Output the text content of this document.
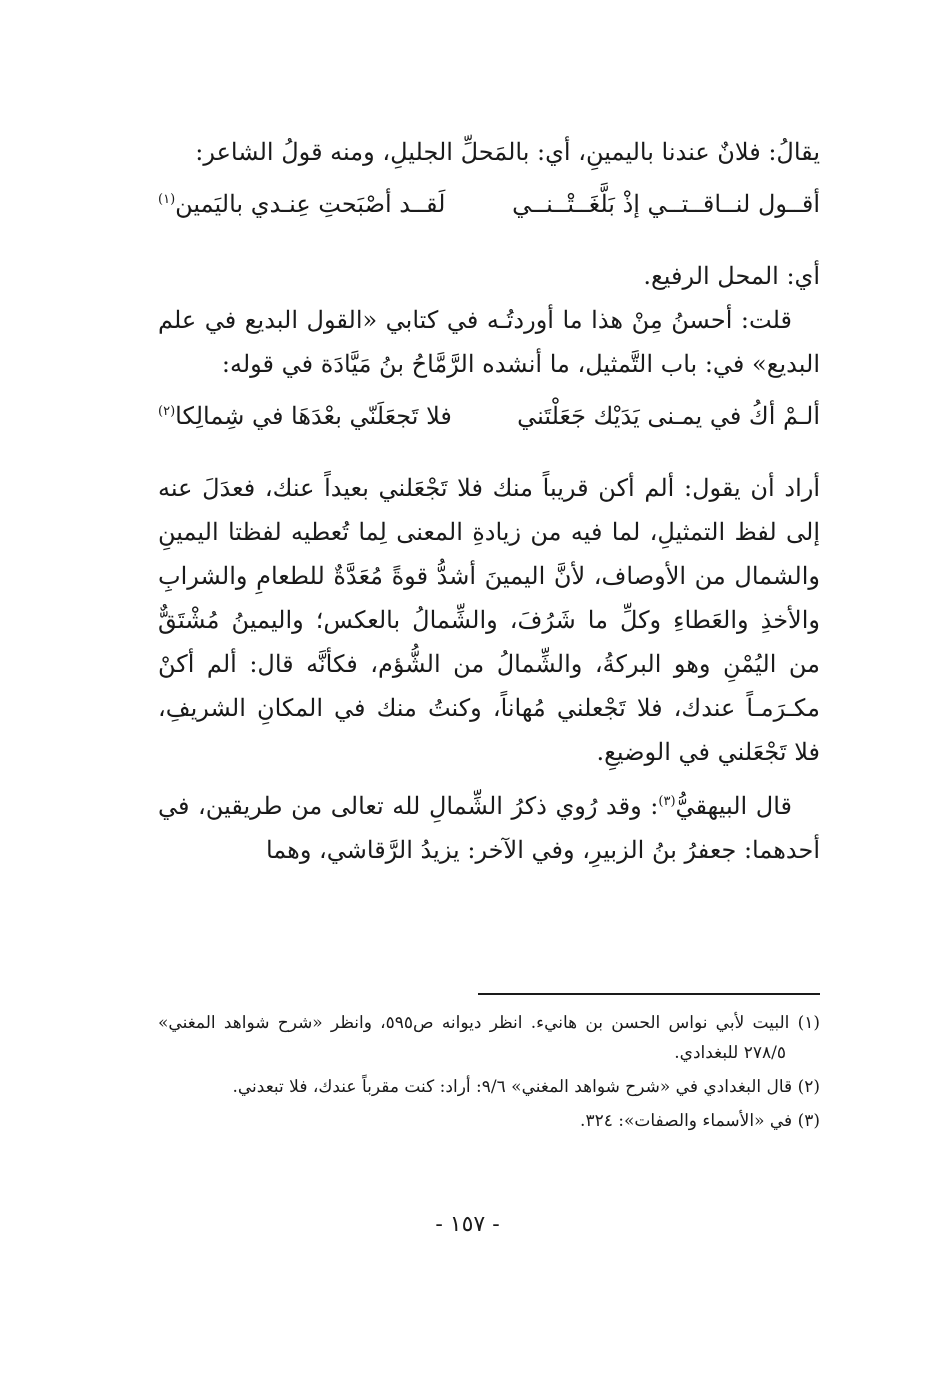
يقالُ: فلانٌ عندنا باليمينِ، أي: بالمَحلِّ الجليلِ، ومنه قولُ الشاعر:

أقــول لنــاقــتــي إذْ بَلَّغَــتْــنــي
لَقــد أصْبَحتِ عِنـدي باليَمين$^{(١)}$

أي: المحل الرفيع.

قلت: أحسنُ مِنْ هذا ما أوردتُـه في كتابي «القول البديع في علم البديع» في: باب التَّمثيل، ما أنشده الرَّمَّاحُ بنُ مَيَّادَة في قوله:

ألـمْ أكُ في يمـنى يَدَيْك جَعَلْتَني
فلا تَجعَلَنّي بعْدَهَا في شِمالِكا$^{(٢)}$

أراد أن يقول: ألم أكن قريباً منك فلا تَجْعَلني بعيداً عنك، فعدَلَ عنه إلى لفظ التمثيلِ، لما فيه من زيادةِ المعنى لِما تُعطيه لفظتا اليمينِ والشمال من الأوصاف، لأنَّ اليمينَ أشدُّ قوةً مُعَدَّةٌ للطعامِ والشرابِ والأخذِ والعَطاءِ وكلِّ ما شَرُفَ، والشِّمالُ بالعكس؛ واليمينُ مُشْتَقٌّ من اليُمْنِ وهو البركةُ، والشِّمالُ من الشُّؤم، فكأنَّه قال: ألم أكنْ مكـرَمـاً عندك، فلا تَجْعلني مُهاناً، وكنتُ منك في المكانِ الشريفِ، فلا تَجْعَلني في الوضيعِ.

قال البيهقيُّ$^{(٣)}$: وقد رُوي ذكرُ الشِّمالِ لله تعالى من طريقين، في أحدهما: جعفرُ بنُ الزبيرِ، وفي الآخر: يزيدُ الرَّقاشي، وهما

(١) البيت لأبي نواس الحسن بن هانيء. انظر ديوانه ص٥٩٥، وانظر «شرح شواهد المغني» ٢٧٨/٥ للبغدادي.

(٢) قال البغدادي في «شرح شواهد المغني» ٩/٦: أراد: كنت مقرباً عندك، فلا تبعدني.

(٣) في «الأسماء والصفات»: ٣٢٤.

- ١٥٧ -
